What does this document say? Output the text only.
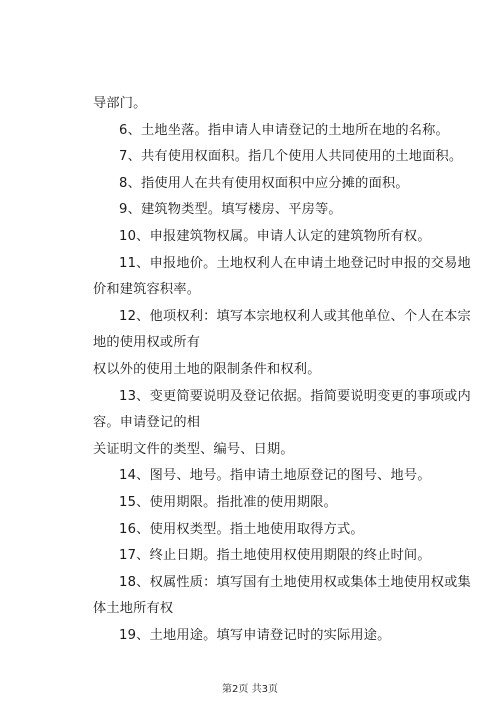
导部门。

6、土地坐落。指申请人申请登记的土地所在地的名称。

7、共有使用权面积。指几个使用人共同使用的土地面积。

8、指使用人在共有使用权面积中应分摊的面积。

9、建筑物类型。填写楼房、平房等。

10、申报建筑物权属。申请人认定的建筑物所有权。

11、申报地价。土地权利人在申请土地登记时申报的交易地

价和建筑容积率。

12、他项权利：填写本宗地权利人或其他单位、个人在本宗

地的使用权或所有

权以外的使用土地的限制条件和权利。

13、变更简要说明及登记依据。指简要说明变更的事项或内

容。申请登记的相

关证明文件的类型、编号、日期。

14、图号、地号。指申请土地原登记的图号、地号。

15、使用期限。指批准的使用期限。

16、使用权类型。指土地使用取得方式。

17、终止日期。指土地使用权使用期限的终止时间。

18、权属性质：填写国有土地使用权或集体土地使用权或集

体土地所有权

19、土地用途。填写申请登记时的实际用途。

第2页 共3页
